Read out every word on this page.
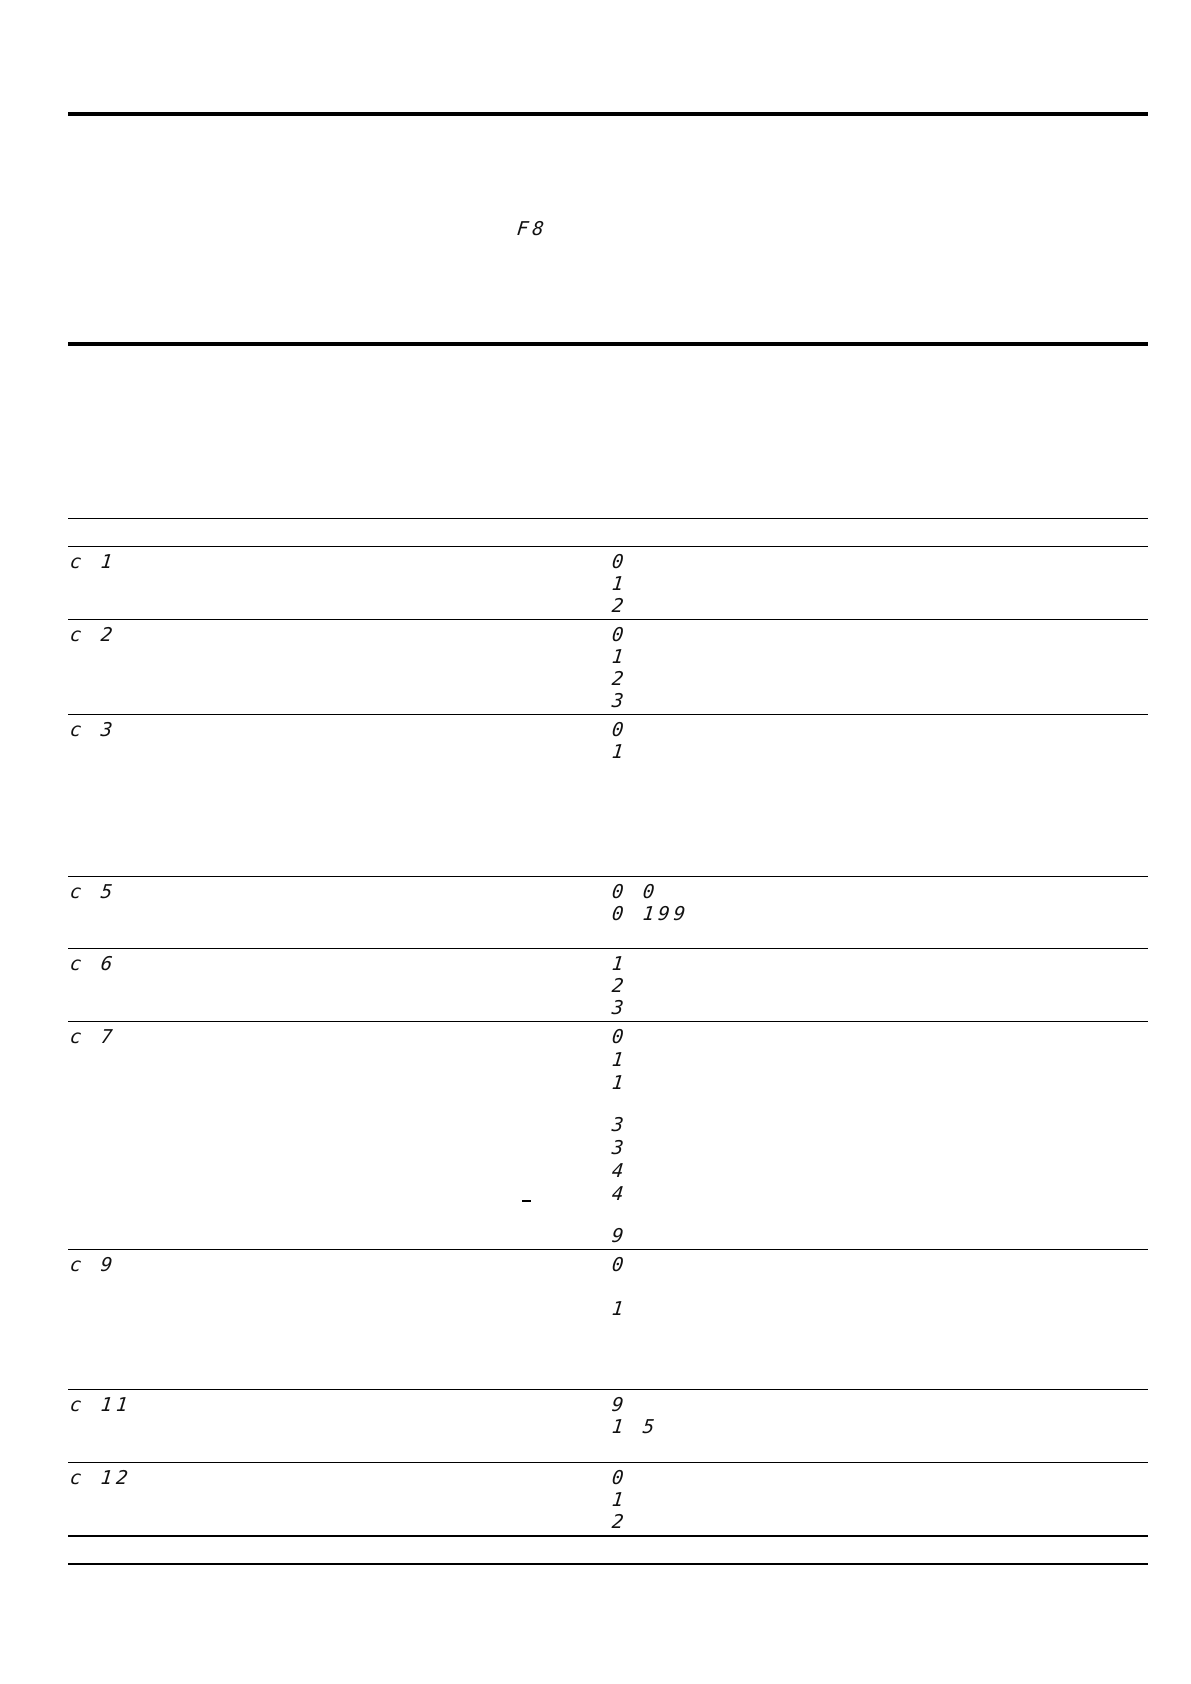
F8
c 1	0
1
2
c 2	0
1
2
3
c 3	0
1
c 5	0 0
0 199
c 6	1
2
3
c 7	0
1
1
3
3
4
4
9
c 9	0
1
c 11	9
1 5
c 12	0
1
2
